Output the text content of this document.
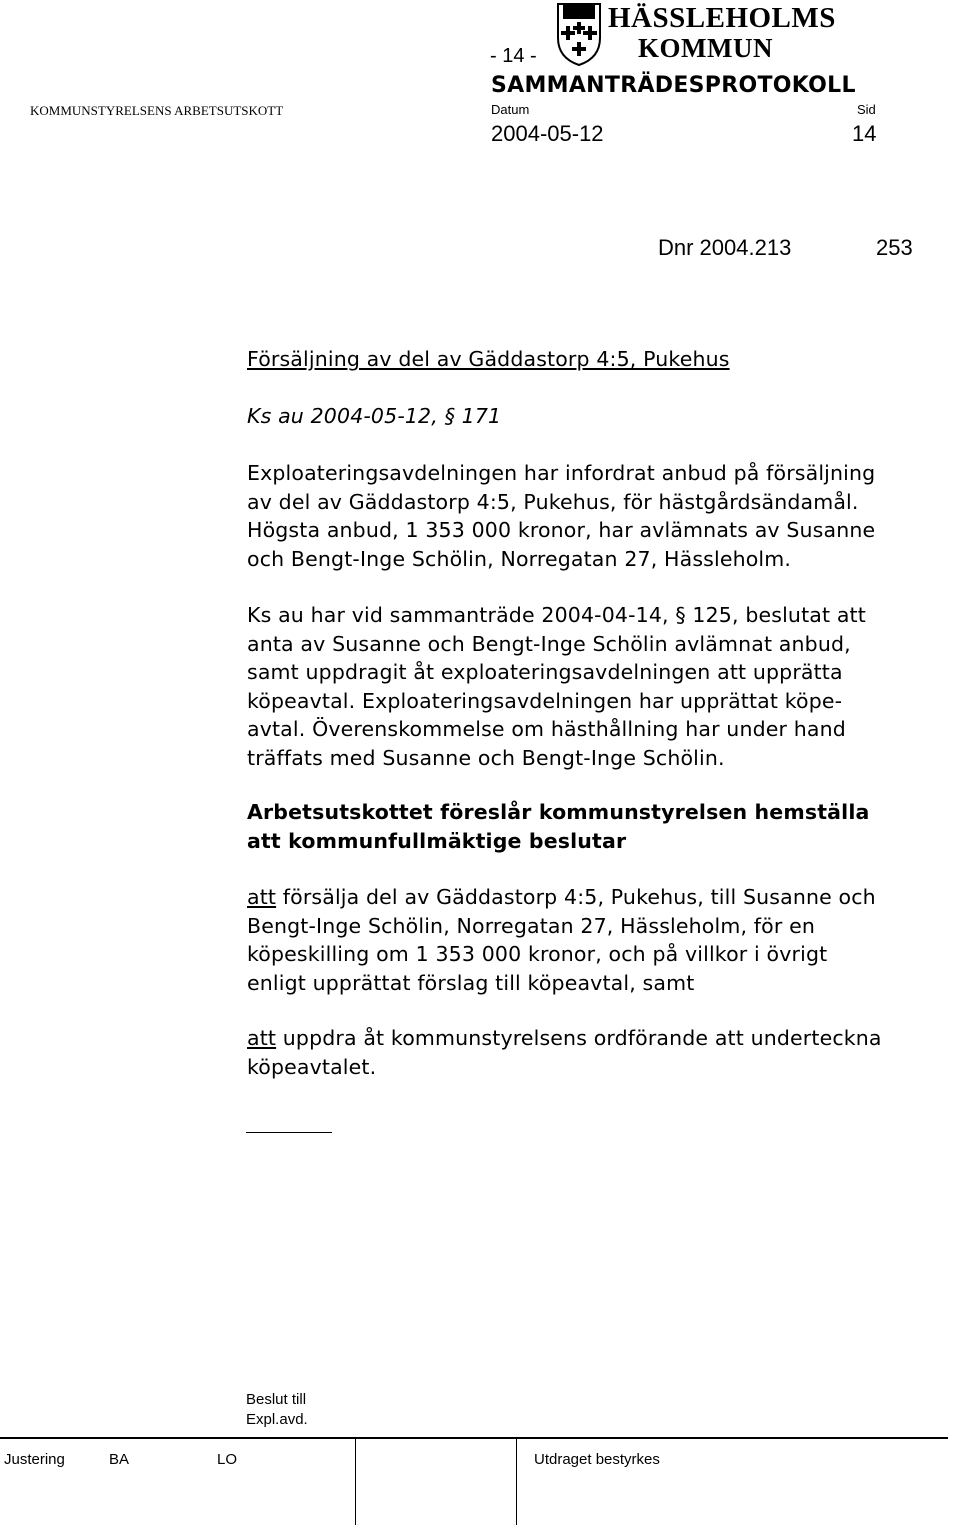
HÄSSLEHOLMS
KOMMUN
- 14 -
SAMMANTRÄDESPROTOKOLL
KOMMUNSTYRELSENS ARBETSUTSKOTT	Datum	Sid
2004-05-12	14
Dnr 2004.213	253
Försäljning av del av Gäddastorp 4:5, Pukehus
Ks au 2004-05-12, § 171
Exploateringsavdelningen har infordrat anbud på försäljning
av del av Gäddastorp 4:5, Pukehus, för hästgårdsändamål.
Högsta anbud, 1 353 000 kronor, har avlämnats av Susanne
och Bengt-Inge Schölin, Norregatan 27, Hässleholm.
Ks au har vid sammanträde 2004-04-14, § 125, beslutat att
anta av Susanne och Bengt-Inge Schölin avlämnat anbud,
samt uppdragit åt exploateringsavdelningen att upprätta
köpeavtal. Exploateringsavdelningen har upprättat köpe-
avtal. Överenskommelse om hästhållning har under hand
träffats med Susanne och Bengt-Inge Schölin.
Arbetsutskottet föreslår kommunstyrelsen hemställa
att kommunfullmäktige beslutar
att försälja del av Gäddastorp 4:5, Pukehus, till Susanne och
Bengt-Inge Schölin, Norregatan 27, Hässleholm, för en
köpeskilling om 1 353 000 kronor, och på villkor i övrigt
enligt upprättat förslag till köpeavtal, samt
att uppdra åt kommunstyrelsens ordförande att underteckna
köpeavtalet.
Beslut till
Expl.avd.
Justering	BA	LO	Utdraget bestyrkes
